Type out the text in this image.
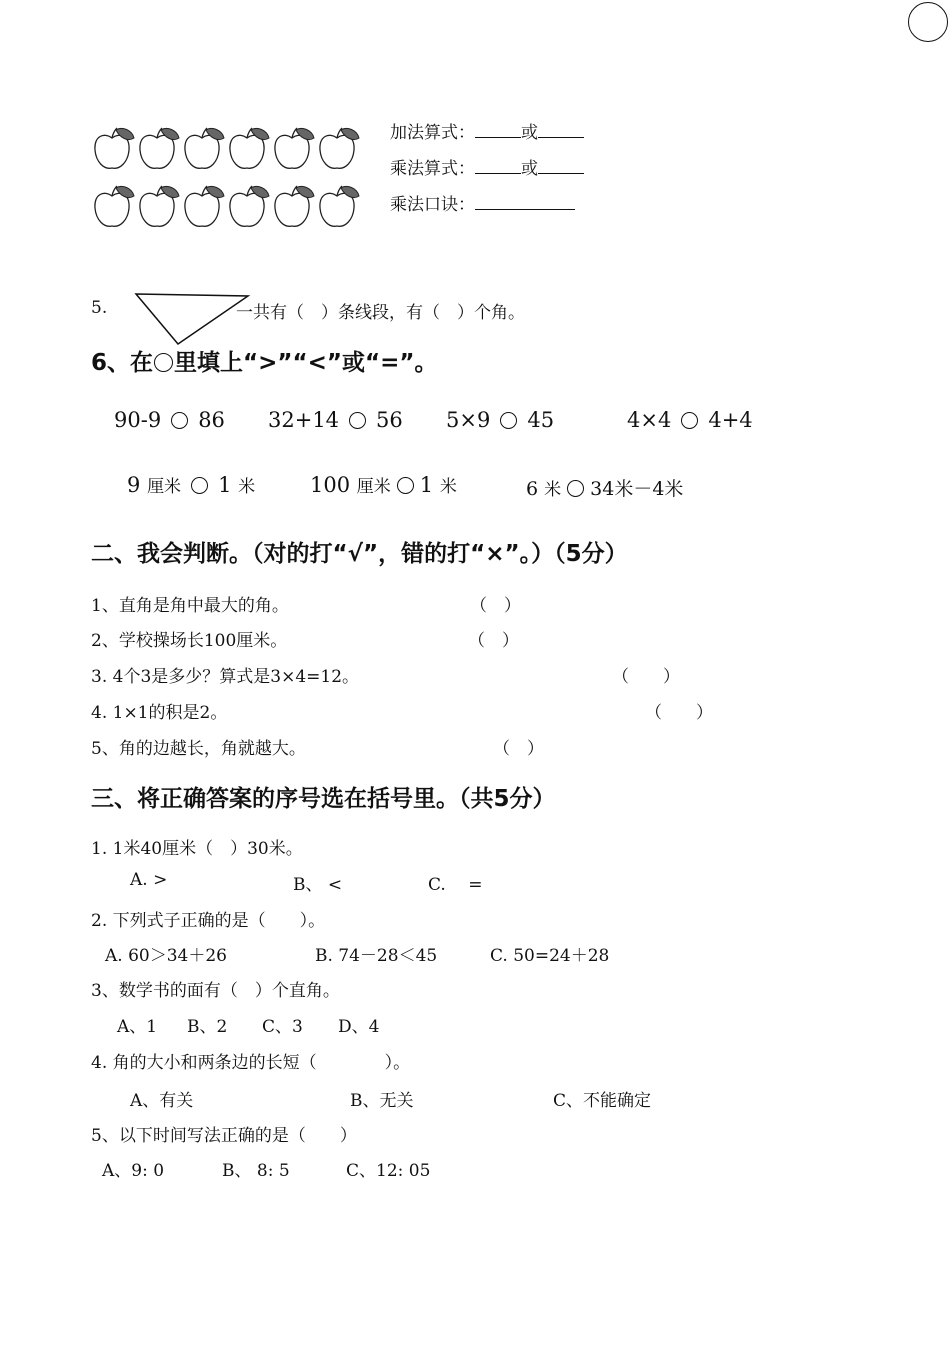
加法算式：	或
乘法算式：	或
乘法口诀：
5.	一共有（　）条线段，有（　）个角。
6、在 里填上“>”“<”或“=”。
90-9 86 32+14 56 5×9 45	4×4 4+4
9 厘米 1 米	100 厘米 1 米	6 米 34米－4米
二、我会判断。（对的打“√”，错的打“×”。）（5分）
1、直角是角中最大的角。	（　）
2、学校操场长100厘米。	（　）
3. 4个3是多少？算式是3×4=12。	（　　）
4. 1×1的积是2。	（　　）
5、角的边越长，角就越大。	（　）
三、将正确答案的序号选在括号里。（共5分）
1. 1米40厘米（　）30米。
A. >	B、 <	C.　 =
2. 下列式子正确的是（　　）。
A. 60＞34＋26	B. 74－28＜45	C. 50=24＋28
3、数学书的面有（　）个直角。
A、1 B、2 C、3 D、4
4. 角的大小和两条边的长短（　　　　）。
A、有关	B、无关	C、不能确定
5、以下时间写法正确的是（　　）
A、9: 0	B、 8: 5	C、12: 05
